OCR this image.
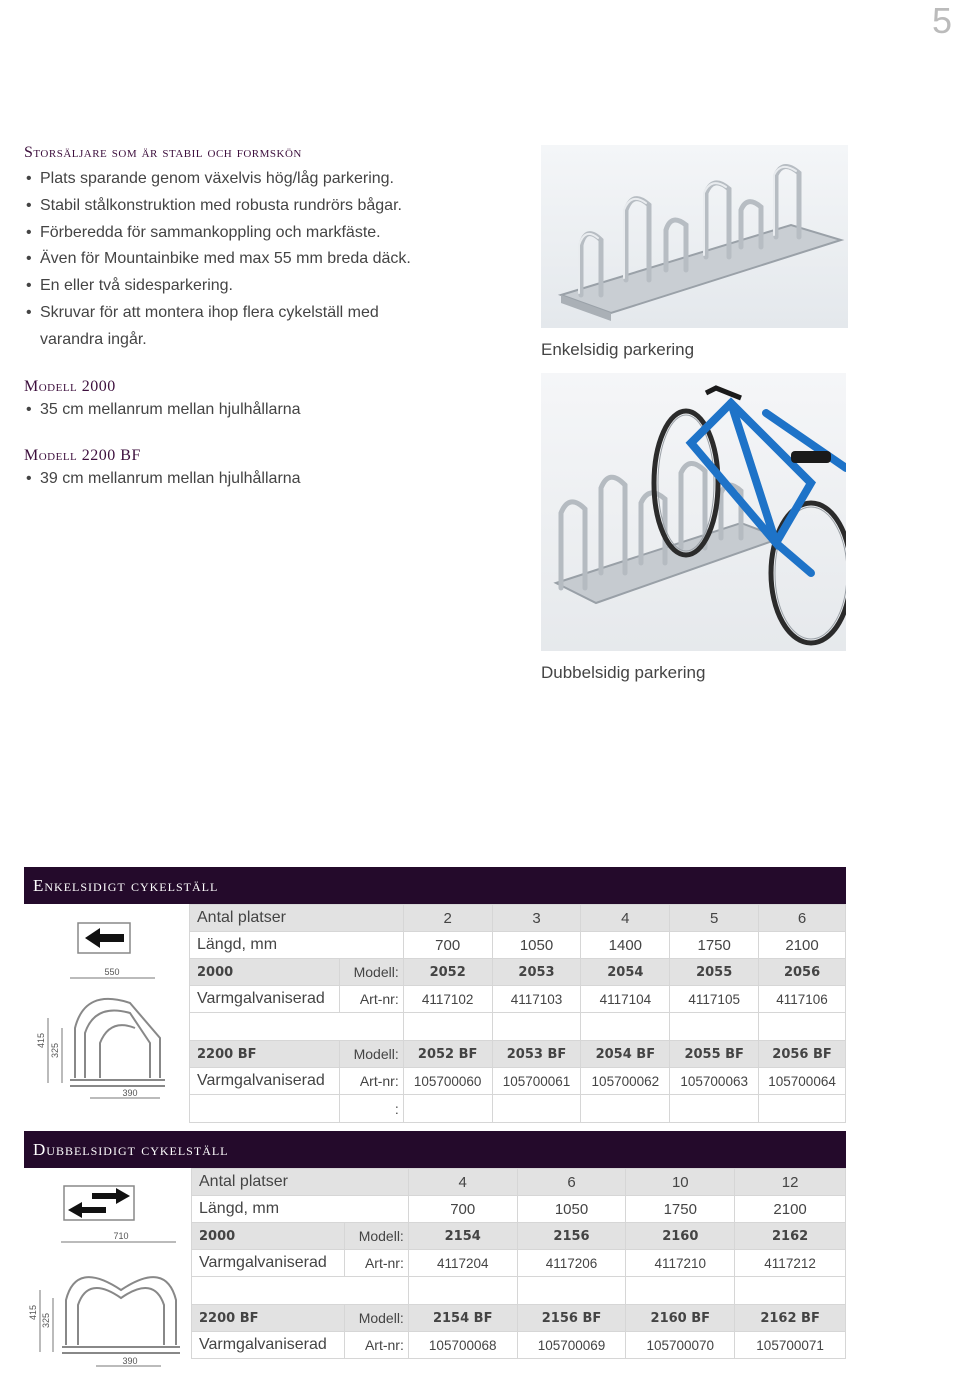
5
Storsäljare som är stabil och formskön
• Plats sparande genom växelvis hög/låg parkering.
• Stabil stålkonstruktion med robusta rundrörs bågar.
• Förberedda för sammankoppling och markfäste.
• Även för Mountainbike med max 55 mm breda däck.
• En eller två sidesparkering.
• Skruvar för att montera ihop flera cykelställ med varandra ingår.
Modell 2000
• 35 cm mellanrum mellan hjulhållarna
Modell 2200 BF
• 39 cm mellanrum mellan hjulhållarna
Enkelsidig parkering
Dubbelsidig parkering
Enkelsidigt cykelställ
550
415
325
390
Antal platser		2	3	4	5	6
Längd, mm		700	1050	1400	1750	2100
2000	Modell:	2052	2053	2054	2055	2056
Varmgalvaniserad	Art-nr:	4117102	4117103	4117104	4117105	4117106

2200 BF	Modell:	2052 BF	2053 BF	2054 BF	2055 BF	2056 BF
Varmgalvaniserad	Art-nr:	105700060	105700061	105700062	105700063	105700064
	:					
Dubbelsidigt cykelställ
710
415
325
390
Antal platser		4	6	10	12
Längd, mm		700	1050	1750	2100
2000	Modell:	2154	2156	2160	2162
Varmgalvaniserad	Art-nr:	4117204	4117206	4117210	4117212

2200 BF	Modell:	2154 BF	2156 BF	2160 BF	2162 BF
Varmgalvaniserad	Art-nr:	105700068	105700069	105700070	105700071
